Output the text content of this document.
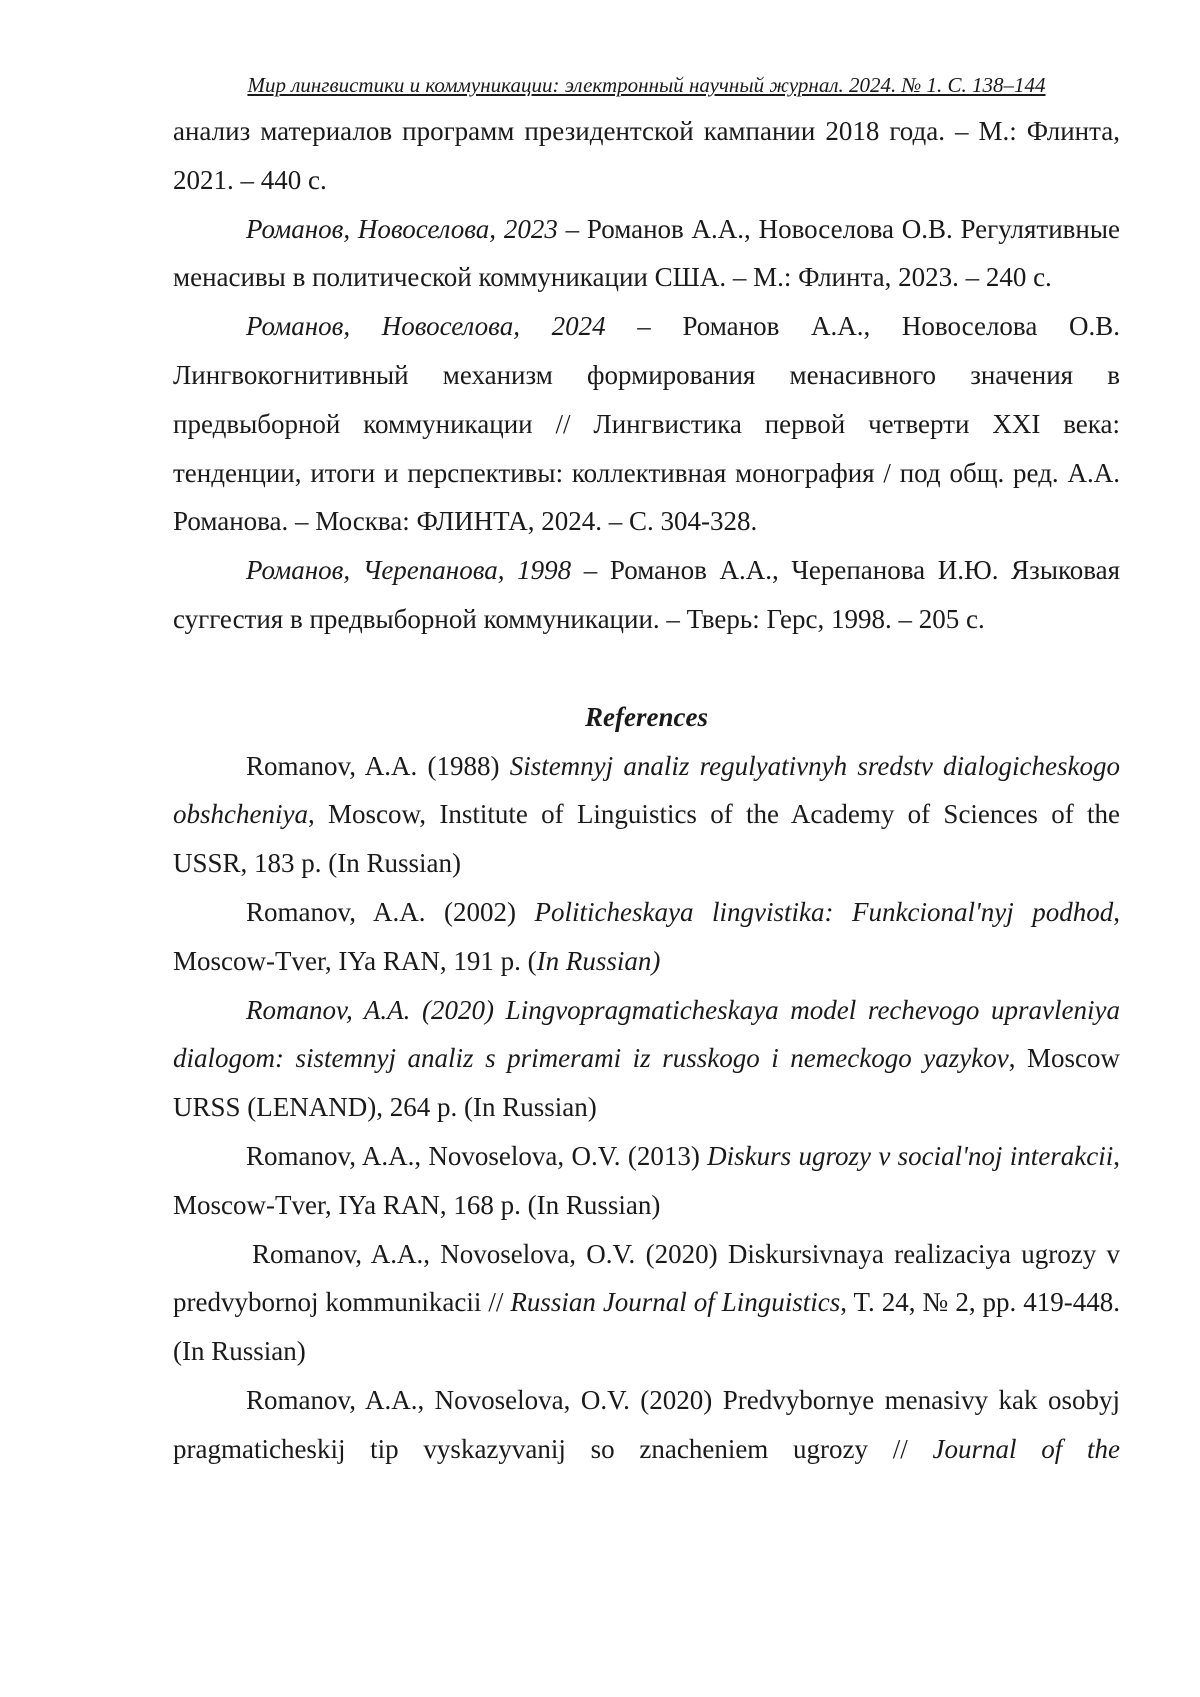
Мир лингвистики и коммуникации: электронный научный журнал. 2024. № 1. С. 138–144

анализ материалов программ президентской кампании 2018 года. – М.: Флинта, 2021. – 440 с.

Романов, Новоселова, 2023 – Романов А.А., Новоселова О.В. Регулятивные менасивы в политической коммуникации США. – М.: Флинта, 2023. – 240 с.

Романов, Новоселова, 2024 – Романов А.А., Новоселова О.В. Лингвокогнитивный механизм формирования менасивного значения в предвыборной коммуникации // Лингвистика первой четверти XXI века: тенденции, итоги и перспективы: коллективная монография / под общ. ред. А.А. Романова. – Москва: ФЛИНТА, 2024. – С. 304-328.

Романов, Черепанова, 1998 – Романов А.А., Черепанова И.Ю. Языковая суггестия в предвыборной коммуникации. – Тверь: Герс, 1998. – 205 с.

References

Romanov, A.A. (1988) Sistemnyj analiz regulyativnyh sredstv dialogicheskogo obshcheniya, Moscow, Institute of Linguistics of the Academy of Sciences of the USSR, 183 p. (In Russian)

Romanov, A.A. (2002) Politicheskaya lingvistika: Funkcional'nyj podhod, Moscow-Tver, IYa RAN, 191 p. (In Russian)

Romanov, A.A. (2020) Lingvopragmaticheskaya model rechevogo upravleniya dialogom: sistemnyj analiz s primerami iz russkogo i nemeckogo yazykov, Moscow URSS (LENAND), 264 p. (In Russian)

Romanov, A.A., Novoselova, O.V. (2013) Diskurs ugrozy v social'noj interakcii, Moscow-Tver, IYa RAN, 168 p. (In Russian)

Romanov, A.A., Novoselova, O.V. (2020) Diskursivnaya realizaciya ugrozy v predvybornoj kommunikacii // Russian Journal of Linguistics, T. 24, № 2, pp. 419-448. (In Russian)

Romanov, A.A., Novoselova, O.V. (2020) Predvybornye menasivy kak osobyj pragmaticheskij tip vyskazyvanij so znacheniem ugrozy // Journal of the
